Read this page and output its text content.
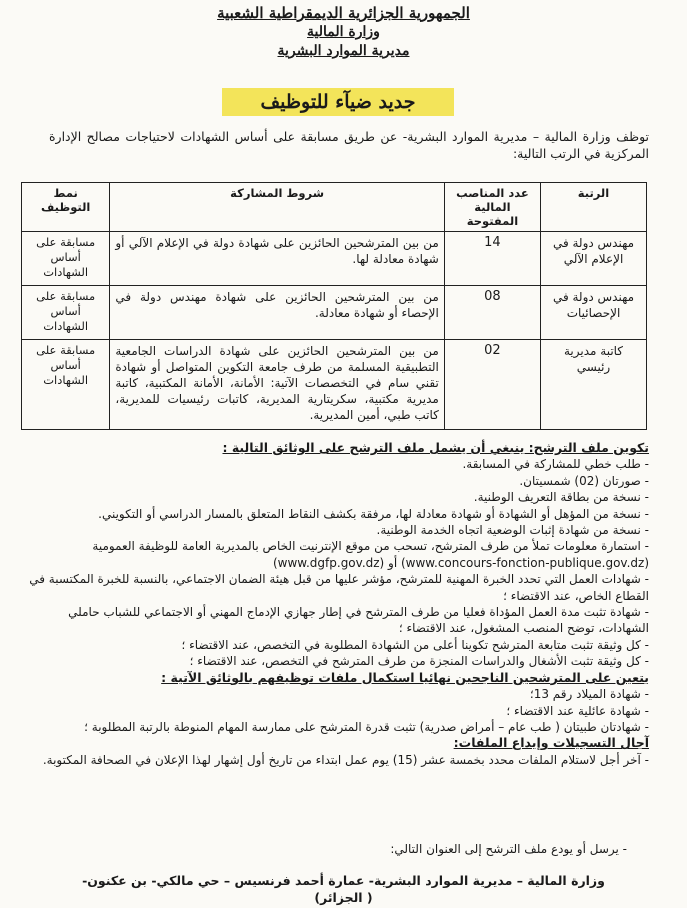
الجمهورية الجزائرية الديمقراطية الشعبية
وزارة المالية
مديرية الموارد البشرية
جديد ضيآء للتوظيف
توظف وزارة المالية – مديرية الموارد البشرية- عن طريق مسابقة على أساس الشهادات لاحتياجات مصالح الإدارة المركزية في الرتب التالية:
الرتبة	عدد المناصب المالية المفتوحة	شروط المشاركة	نمط التوظيف
مهندس دولة في الإعلام الآلي	14	من بين المترشحين الحائزين على شهادة دولة في الإعلام الآلي أو شهادة معادلة لها.	مسابقة على أساس الشهادات
مهندس دولة في الإحصائيات	08	من بين المترشحين الحائزين على شهادة مهندس دولة في الإحصاء أو شهادة معادلة.	مسابقة على أساس الشهادات
كاتبة مديرية رئيسي	02	من بين المترشحين الحائزين على شهادة الدراسات الجامعية التطبيقية المسلمة من طرف جامعة التكوين المتواصل أو شهادة تقني سام في التخصصات الآتية: الأمانة، الأمانة المكتبية، كاتبة مديرية مكتبية، سكريتارية المديرية، كاتبات رئيسيات للمديرية، كاتب طبي، أمين المديرية.	مسابقة على أساس الشهادات
تكوين ملف الترشح: ينبغي أن يشمل ملف الترشح على الوثائق التالية :

- طلب خطي للمشاركة في المسابقة.

- صورتان (02) شمسيتان.

- نسخة من بطاقة التعريف الوطنية.

- نسخة من المؤهل أو الشهادة أو شهادة معادلة لها، مرفقة بكشف النقاط المتعلق بالمسار الدراسي أو التكويني.

- نسخة من شهادة إثبات الوضعية اتجاه الخدمة الوطنية.

- استمارة معلومات تملأ من طرف المترشح، تسحب من موقع الإنترنيت الخاص بالمديرية العامة للوظيفة العمومية

(www.concours-fonction-publique.gov.dz) أو (www.dgfp.gov.dz)

- شهادات العمل التي تحدد الخبرة المهنية للمترشح، مؤشر عليها من قبل هيئة الضمان الاجتماعي، بالنسبة للخبرة المكتسبة في القطاع الخاص، عند الاقتضاء ؛

- شهادة تثبت مدة العمل المؤداة فعليا من طرف المترشح في إطار جهازي الإدماج المهني أو الاجتماعي للشباب حاملي الشهادات، توضح المنصب المشغول، عند الاقتضاء ؛

- كل وثيقة تثبت متابعة المترشح تكوينا أعلى من الشهادة المطلوبة في التخصص، عند الاقتضاء ؛

- كل وثيقة تثبت الأشغال والدراسات المنجزة من طرف المترشح في التخصص، عند الاقتضاء ؛

يتعين على المترشحين الناجحين نهائيا استكمال ملفات توظيفهم بالوثائق الآتية :

- شهادة الميلاد رقم 13؛

- شهادة عائلية عند الاقتضاء ؛

- شهادتان طبيتان ( طب عام – أمراض صدرية) تثبت قدرة المترشح على ممارسة المهام المنوطة بالرتبة المطلوبة ؛

آجال التسجيلات وإيداع الملفات:

- آخر أجل لاستلام الملفات محدد بخمسة عشر (15) يوم عمل ابتداء من تاريخ أول إشهار لهذا الإعلان في الصحافة المكتوبة.

- يرسل أو يودع ملف الترشح إلى العنوان التالي:
وزارة المالية – مديرية الموارد البشرية- عمارة أحمد فرنسيس – حي مالكي- بن عكنون-
( الجزائر)
